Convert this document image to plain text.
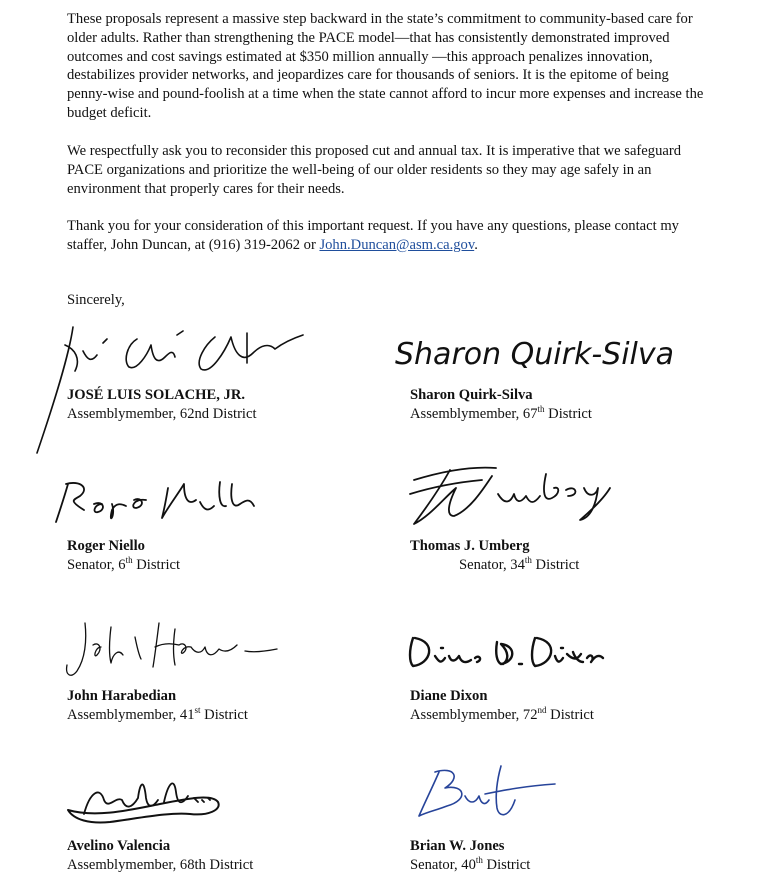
These proposals represent a massive step backward in the state’s commitment to community-based care for older adults. Rather than strengthening the PACE model—that has consistently demonstrated improved outcomes and cost savings estimated at $350 million annually —this approach penalizes innovation, destabilizes provider networks, and jeopardizes care for thousands of seniors. It is the epitome of being penny-wise and pound-foolish at a time when the state cannot afford to incur more expenses and increase the budget deficit.

We respectfully ask you to reconsider this proposed cut and annual tax. It is imperative that we safeguard PACE organizations and prioritize the well-being of our older residents so they may age safely in an environment that properly cares for their needs.

Thank you for your consideration of this important request. If you have any questions, please contact my staffer, John Duncan, at (916) 319-2062 or John.Duncan@asm.ca.gov.

Sincerely,
Sharon Quirk-Silva
JOSÉ LUIS SOLACHE, JR.
Assemblymember, 62nd District
Sharon Quirk-Silva
Assemblymember, 67th District
Roger Niello
Senator, 6th District
Thomas J. Umberg
Senator, 34th District
John Harabedian
Assemblymember, 41st District
Diane Dixon
Assemblymember, 72nd District
Avelino Valencia
Assemblymember, 68th District
Brian W. Jones
Senator, 40th District
